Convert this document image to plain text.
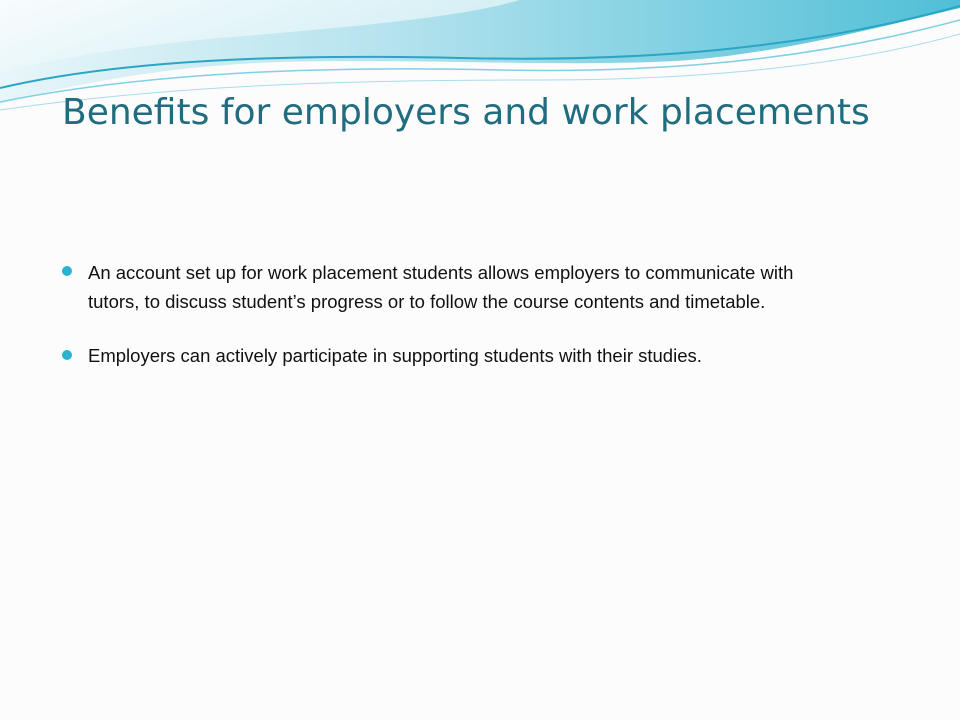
Benefits for employers and work placements
An account set up for work placement students allows employers to communicate with tutors, to discuss student’s progress or to follow the course contents and timetable.
Employers can actively participate in supporting students with their studies.
